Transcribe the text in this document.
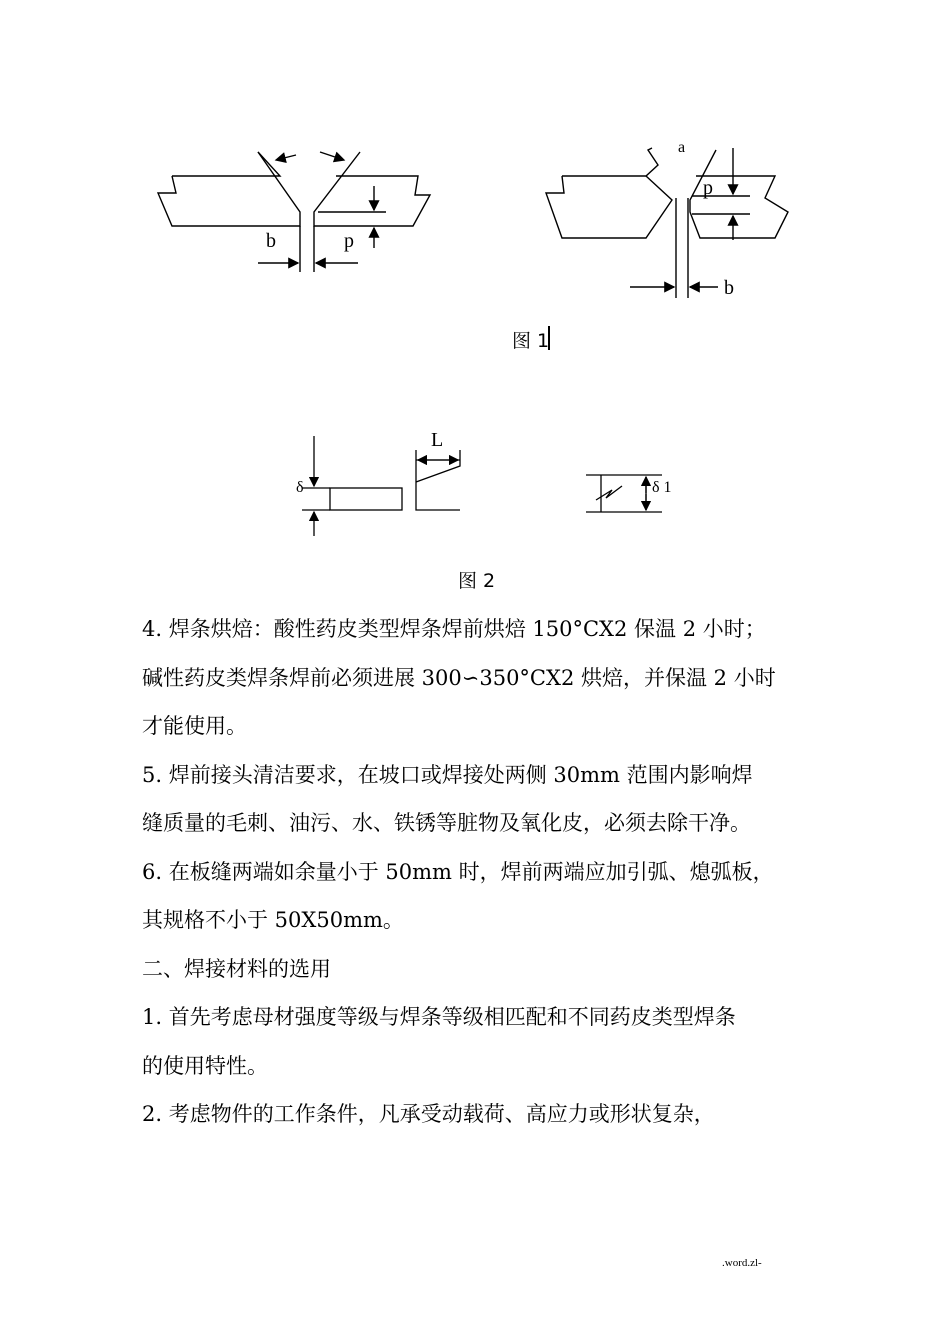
b	p
a
p
b
图 1
δ
L
δ 1
图 2

4. 焊条烘焙：酸性药皮类型焊条焊前烘焙 150°CX2 保温 2 小时；

碱性药皮类焊条焊前必须进展 300∽350°CX2 烘焙，并保温 2 小时

才能使用。

5. 焊前接头清洁要求，在坡口或焊接处两侧 30mm 范围内影响焊

缝质量的毛刺、油污、水、铁锈等脏物及氧化皮，必须去除干净。

6. 在板缝两端如余量小于 50mm 时，焊前两端应加引弧、熄弧板，

其规格不小于 50X50mm。

二、焊接材料的选用

1. 首先考虑母材强度等级与焊条等级相匹配和不同药皮类型焊条

的使用特性。

2. 考虑物件的工作条件，凡承受动载荷、高应力或形状复杂，

.word.zl-
